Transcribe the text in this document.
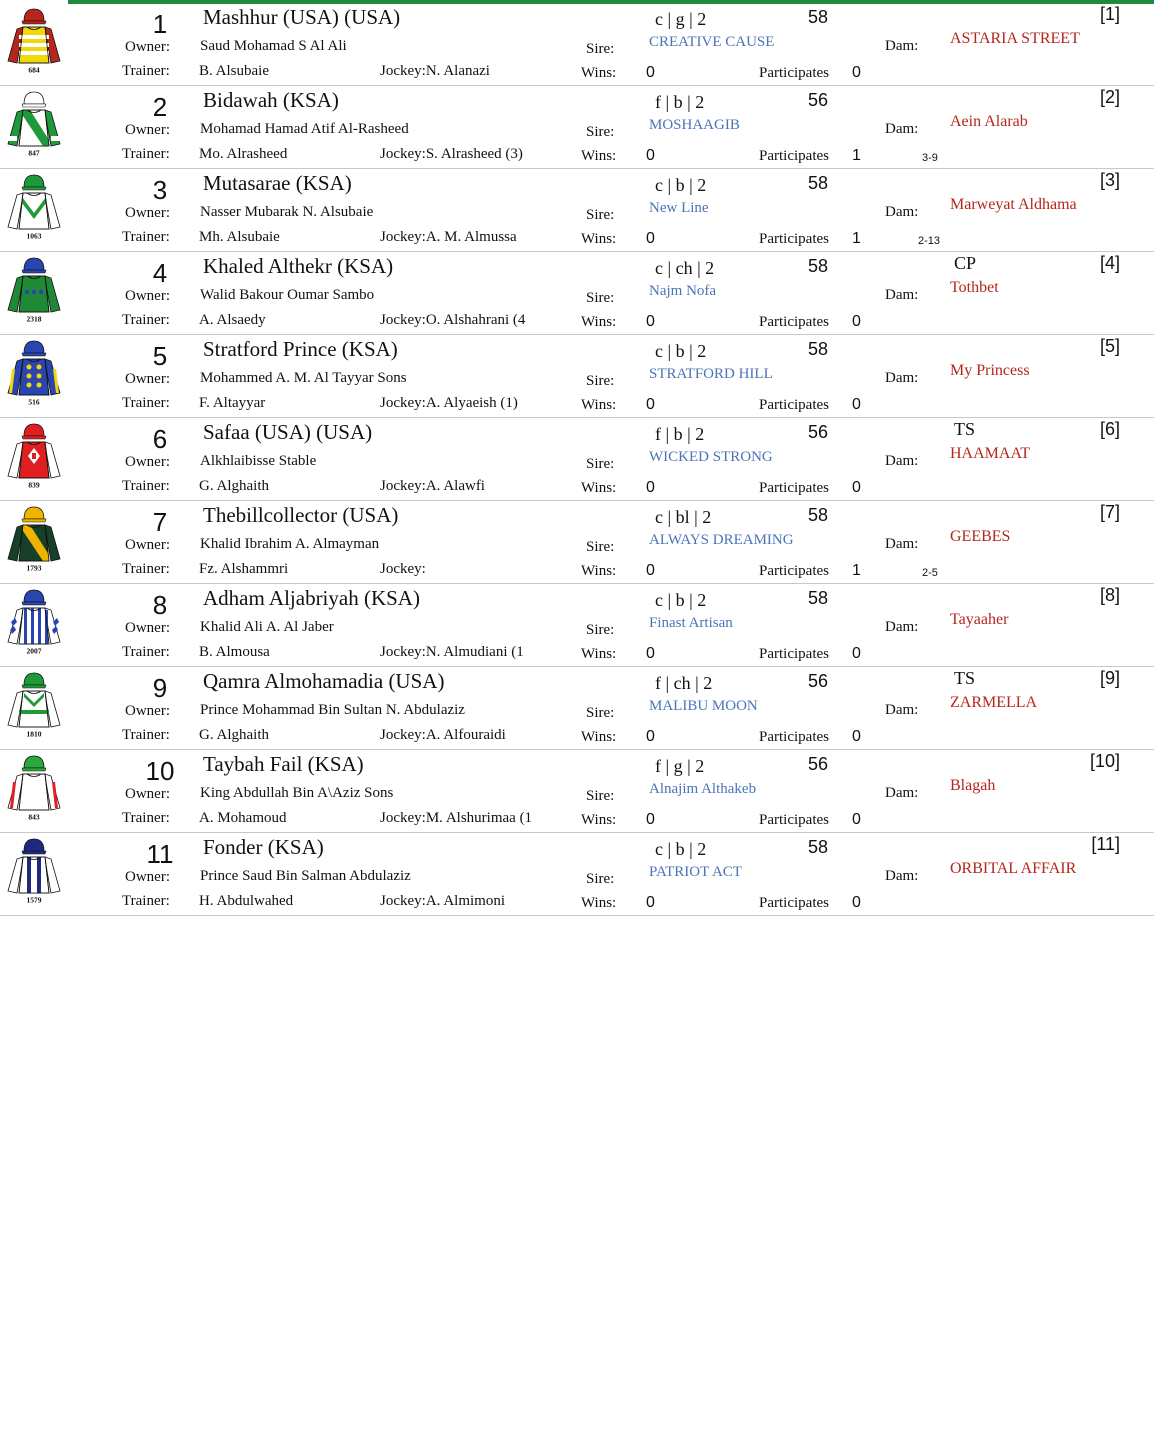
684
1	Mashhur (USA) (USA)
Owner: Saud Mohamad S Al Ali
Trainer: B. Alsubaie	Jockey:N. Alanazi
c | g | 2	58
Sire: CREATIVE CAUSE
Wins: 0	Participates 0
Dam: ASTARIA STREET
[1]
847
2	Bidawah (KSA)
Owner: Mohamad Hamad Atif Al-Rasheed
Trainer: Mo. Alrasheed	Jockey:S. Alrasheed (3)
f | b | 2	56
Sire: MOSHAAGIB
Wins: 0	Participates 1	3-9
Dam: Aein Alarab
[2]
1063
3	Mutasarae (KSA)
Owner: Nasser Mubarak N. Alsubaie
Trainer: Mh. Alsubaie	Jockey:A. M. Almussa
c | b | 2	58
Sire: New Line
Wins: 0	Participates 1	2-13
Dam: Marweyat Aldhama
[3]
2318
4	Khaled Althekr (KSA)
Owner: Walid Bakour Oumar Sambo
Trainer: A. Alsaedy	Jockey:O. Alshahrani (4
c | ch | 2	58
Sire: Najm Nofa
Wins: 0	Participates 0
Dam: Tothbet
CP	[4]
516
5	Stratford Prince (KSA)
Owner: Mohammed A. M. Al Tayyar Sons
Trainer: F. Altayyar	Jockey:A. Alyaeish (1)
c | b | 2	58
Sire: STRATFORD HILL
Wins: 0	Participates 0
Dam: My Princess
[5]
839
6	Safaa (USA) (USA)
Owner: Alkhlaibisse Stable
Trainer: G. Alghaith	Jockey:A. Alawfi
f | b | 2	56
Sire: WICKED STRONG
Wins: 0	Participates 0
Dam: HAAMAAT
TS	[6]
1793
7	Thebillcollector (USA)
Owner: Khalid Ibrahim A. Almayman
Trainer: Fz. Alshammri	Jockey:
c | bl | 2	58
Sire: ALWAYS DREAMING
Wins: 0	Participates 1	2-5
Dam: GEEBES
[7]
2007
8	Adham Aljabriyah (KSA)
Owner: Khalid Ali A. Al Jaber
Trainer: B. Almousa	Jockey:N. Almudiani (1
c | b | 2	58
Sire: Finast Artisan
Wins: 0	Participates 0
Dam: Tayaaher
[8]
1810
9	Qamra Almohamadia (USA)
Owner: Prince Mohammad Bin Sultan N. Abdulaziz
Trainer: G. Alghaith	Jockey:A. Alfouraidi
f | ch | 2	56
Sire: MALIBU MOON
Wins: 0	Participates 0
Dam: ZARMELLA
TS	[9]
843
10	Taybah Fail (KSA)
Owner: King Abdullah Bin A\Aziz Sons
Trainer: A. Mohamoud	Jockey:M. Alshurimaa (1
f | g | 2	56
Sire: Alnajim Althakeb
Wins: 0	Participates 0
Dam: Blagah
[10]
1579
11	Fonder (KSA)
Owner: Prince Saud Bin Salman Abdulaziz
Trainer: H. Abdulwahed	Jockey:A. Almimoni
c | b | 2	58
Sire: PATRIOT ACT
Wins: 0	Participates 0
Dam: ORBITAL AFFAIR
[11]
